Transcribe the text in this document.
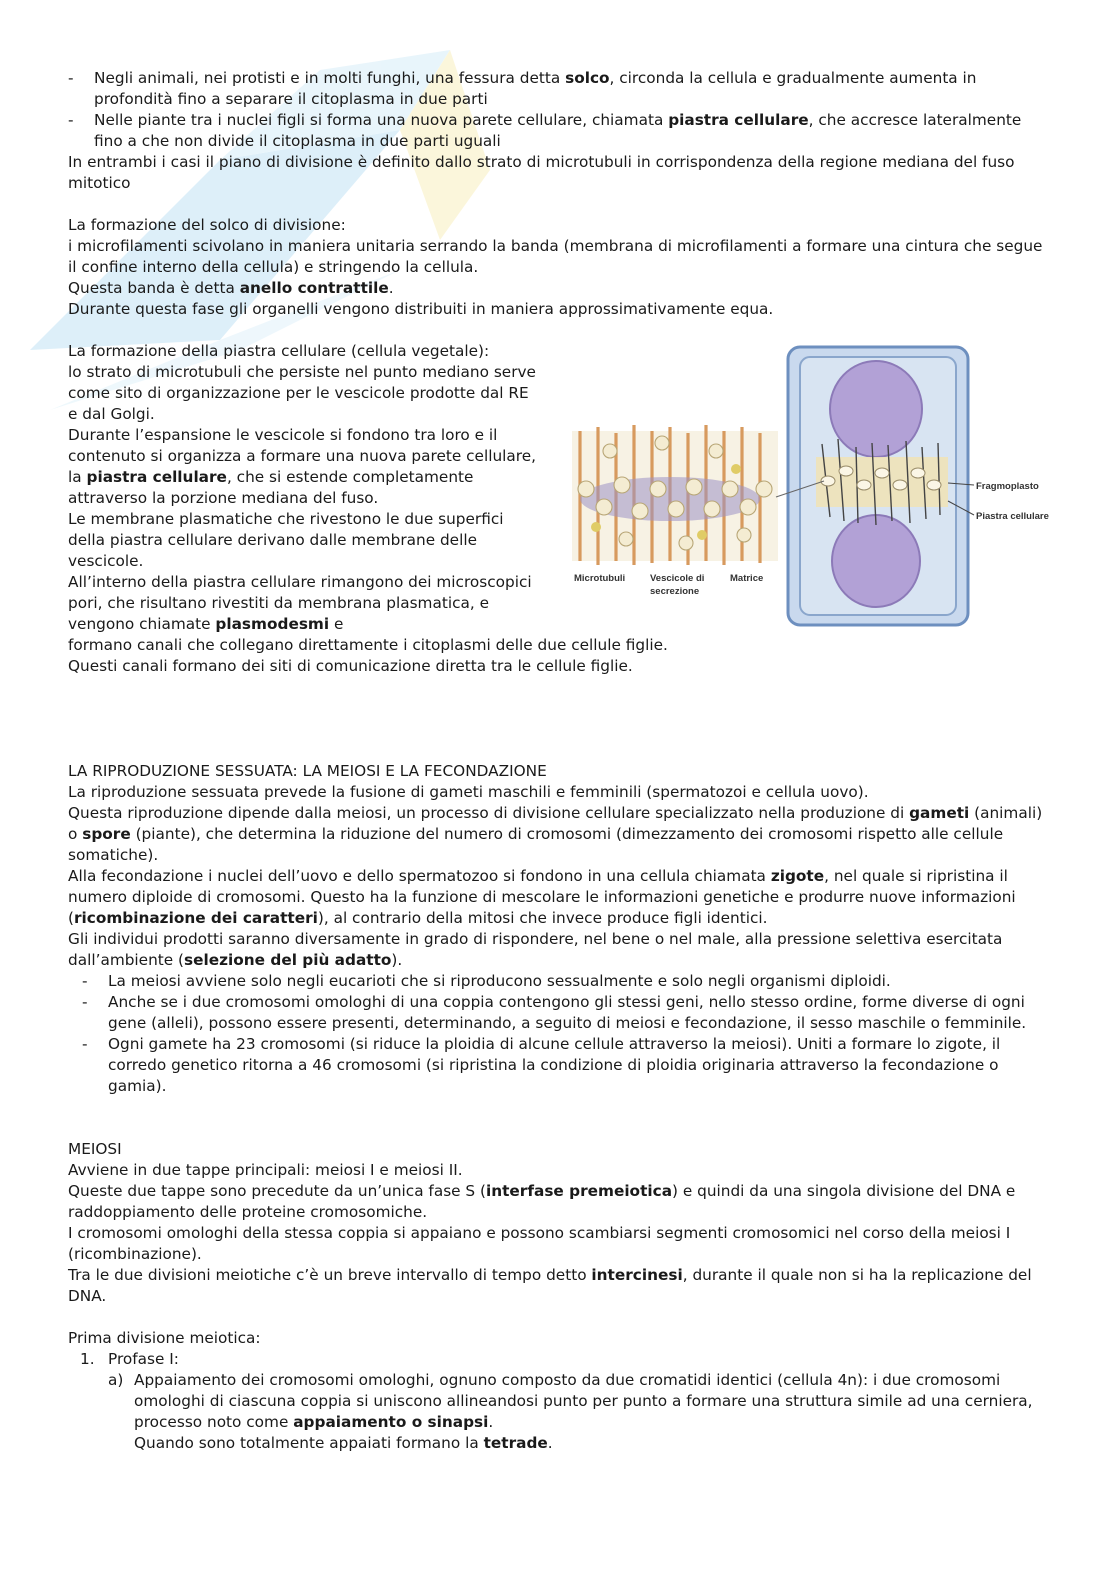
- Negli animali, nei protisti e in molti funghi, una fessura detta solco, circonda la cellula e gradualmente aumenta in profondità fino a separare il citoplasma in due parti
- Nelle piante tra i nuclei figli si forma una nuova parete cellulare, chiamata piastra cellulare, che accresce lateralmente fino a che non divide il citoplasma in due parti uguali

In entrambi i casi il piano di divisione è definito dallo strato di microtubuli in corrispondenza della regione mediana del fuso mitotico

La formazione del solco di divisione:

i microfilamenti scivolano in maniera unitaria serrando la banda (membrana di microfilamenti a formare una cintura che segue il confine interno della cellula) e stringendo la cellula.

Questa banda è detta anello contrattile.

Durante questa fase gli organelli vengono distribuiti in maniera approssimativamente equa.

Fragmoplasto
Piastra cellulare
Microtubuli	Vescicole di
secrezione
Matrice

La formazione della piastra cellulare (cellula vegetale):

lo strato di microtubuli che persiste nel punto mediano serve come sito di organizzazione per le vescicole prodotte dal RE e dal Golgi.

Durante l’espansione le vescicole si fondono tra loro e il contenuto si organizza a formare una nuova parete cellulare, la piastra cellulare, che si estende completamente attraverso la porzione mediana del fuso.

Le membrane plasmatiche che rivestono le due superfici della piastra cellulare derivano dalle membrane delle vescicole.

All’interno della piastra cellulare rimangono dei microscopici pori, che risultano rivestiti da membrana plasmatica, e vengono chiamate plasmodesmi e

formano canali che collegano direttamente i citoplasmi delle due cellule figlie.

Questi canali formano dei siti di comunicazione diretta tra le cellule figlie.

LA RIPRODUZIONE SESSUATA: LA MEIOSI E LA FECONDAZIONE

La riproduzione sessuata prevede la fusione di gameti maschili e femminili (spermatozoi e cellula uovo).

Questa riproduzione dipende dalla meiosi, un processo di divisione cellulare specializzato nella produzione di gameti (animali) o spore (piante), che determina la riduzione del numero di cromosomi (dimezzamento dei cromosomi rispetto alle cellule somatiche).

Alla fecondazione i nuclei dell’uovo e dello spermatozoo si fondono in una cellula chiamata zigote, nel quale si ripristina il numero diploide di cromosomi. Questo ha la funzione di mescolare le informazioni genetiche e produrre nuove informazioni (ricombinazione dei caratteri), al contrario della mitosi che invece produce figli identici.

Gli individui prodotti saranno diversamente in grado di rispondere, nel bene o nel male, alla pressione selettiva esercitata dall’ambiente (selezione del più adatto).

- La meiosi avviene solo negli eucarioti che si riproducono sessualmente e solo negli organismi diploidi.
- Anche se i due cromosomi omologhi di una coppia contengono gli stessi geni, nello stesso ordine, forme diverse di ogni gene (alleli), possono essere presenti, determinando, a seguito di meiosi e fecondazione, il sesso maschile o femminile.
- Ogni gamete ha 23 cromosomi (si riduce la ploidia di alcune cellule attraverso la meiosi). Uniti a formare lo zigote, il corredo genetico ritorna a 46 cromosomi (si ripristina la condizione di ploidia originaria attraverso la fecondazione o gamia).

MEIOSI

Avviene in due tappe principali: meiosi I e meiosi II.

Queste due tappe sono precedute da un’unica fase S (interfase premeiotica) e quindi da una singola divisione del DNA e raddoppiamento delle proteine cromosomiche.

I cromosomi omologhi della stessa coppia si appaiano e possono scambiarsi segmenti cromosomici nel corso della meiosi I (ricombinazione).

Tra le due divisioni meiotiche c’è un breve intervallo di tempo detto intercinesi, durante il quale non si ha la replicazione del DNA.

Prima divisione meiotica:

1. Profase I:
a) Appaiamento dei cromosomi omologhi, ognuno composto da due cromatidi identici (cellula 4n): i due cromosomi omologhi di ciascuna coppia si uniscono allineandosi punto per punto a formare una struttura simile ad una cerniera, processo noto come appaiamento o sinapsi.
Quando sono totalmente appaiati formano la tetrade.
